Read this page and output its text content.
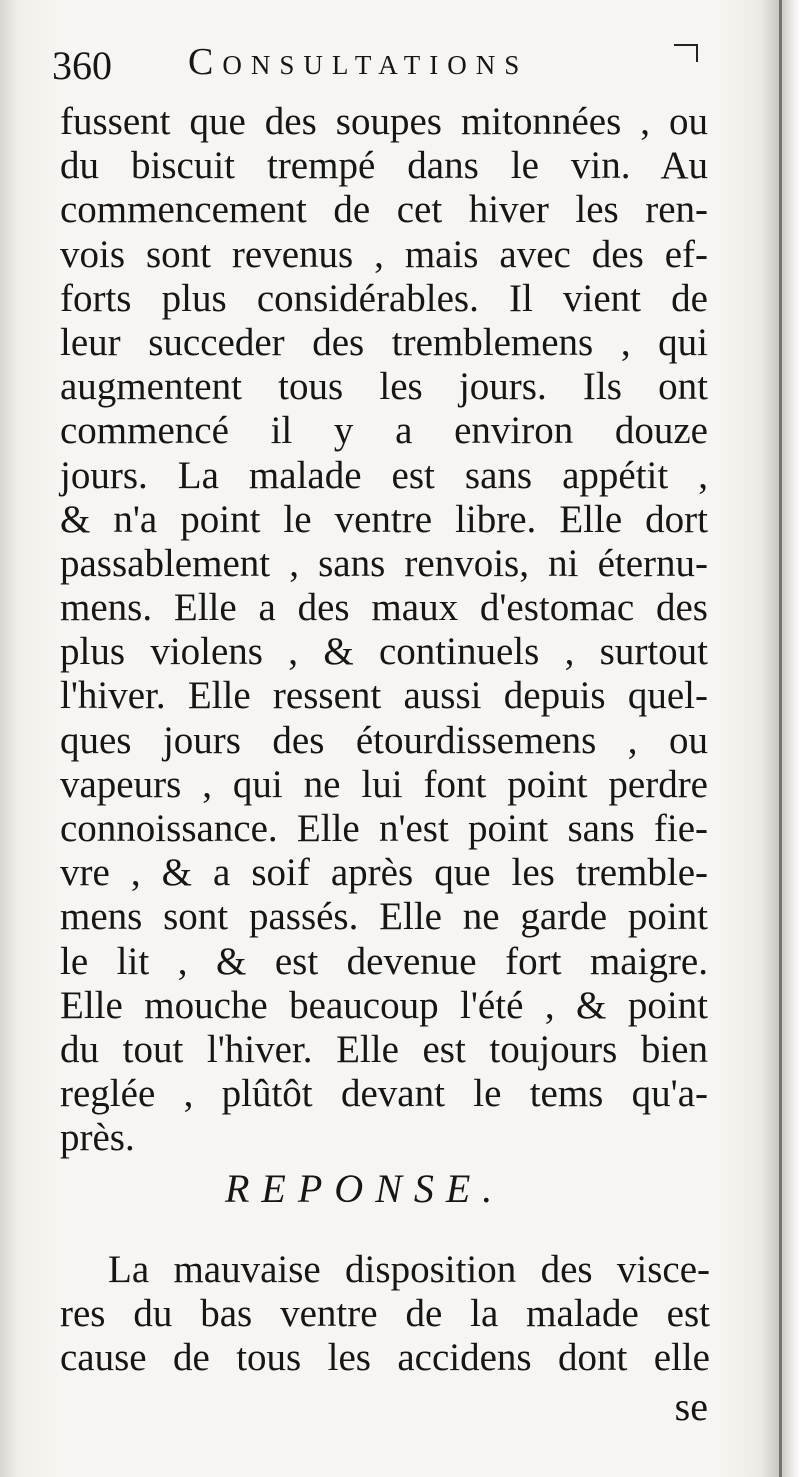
360 Consultations
fussent que des soupes mitonnées , ou
du biscuit trempé dans le vin. Au
commencement de cet hiver les ren-
vois sont revenus , mais avec des ef-
forts plus considérables. Il vient de
leur succeder des tremblemens , qui
augmentent tous les jours. Ils ont
commencé il y a environ douze
jours. La malade est sans appétit ,
& n'a point le ventre libre. Elle dort
passablement , sans renvois, ni éternu-
mens. Elle a des maux d'estomac des
plus violens , & continuels , surtout
l'hiver. Elle ressent aussi depuis quel-
ques jours des étourdissemens , ou
vapeurs , qui ne lui font point perdre
connoissance. Elle n'est point sans fie-
vre , & a soif après que les tremble-
mens sont passés. Elle ne garde point
le lit , & est devenue fort maigre.
Elle mouche beaucoup l'été , & point
du tout l'hiver. Elle est toujours bien
reglée , plûtôt devant le tems qu'a-
près.
REPONSE.
La mauvaise disposition des visce-
res du bas ventre de la malade est
cause de tous les accidens dont elle
se
